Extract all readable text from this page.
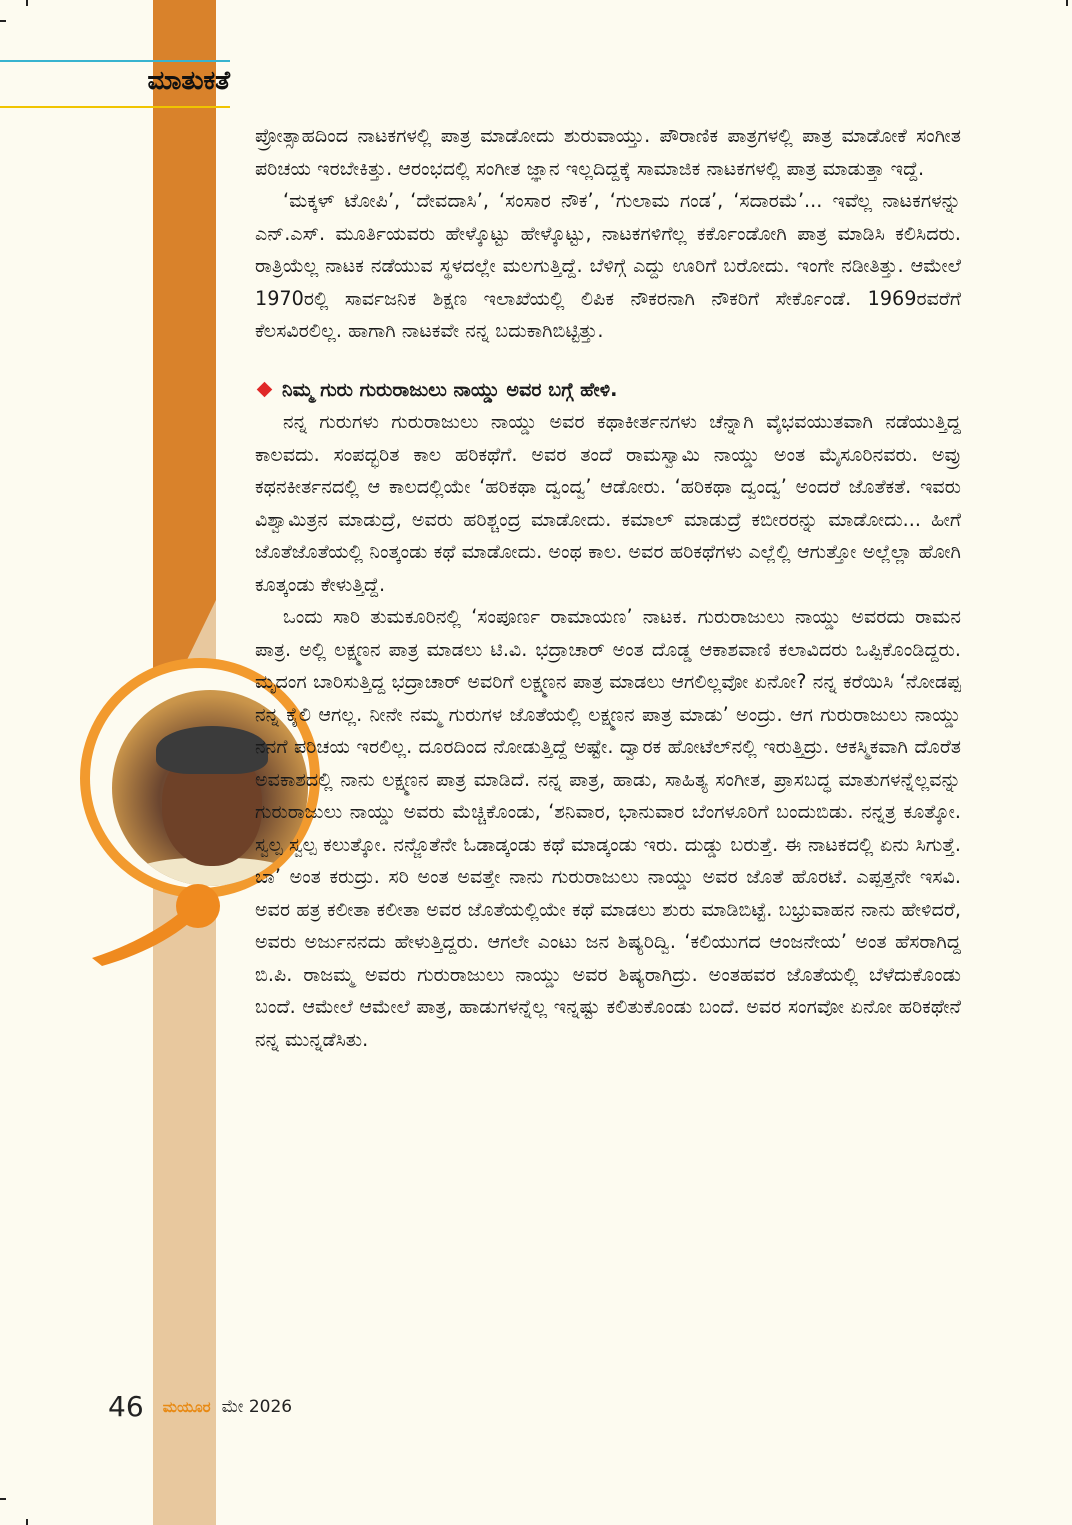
ಮಾತುಕತೆ

ಪ್ರೋತ್ಸಾಹದಿಂದ ನಾಟಕಗಳಲ್ಲಿ ಪಾತ್ರ ಮಾಡೋದು ಶುರುವಾಯ್ತು. ಪೌರಾಣಿಕ ಪಾತ್ರಗಳಲ್ಲಿ ಪಾತ್ರ ಮಾಡೋಕೆ ಸಂಗೀತ ಪರಿಚಯ ಇರಬೇಕಿತ್ತು. ಆರಂಭದಲ್ಲಿ ಸಂಗೀತ ಜ್ಞಾನ ಇಲ್ಲದಿದ್ದಕ್ಕೆ ಸಾಮಾಜಿಕ ನಾಟಕಗಳಲ್ಲಿ ಪಾತ್ರ ಮಾಡುತ್ತಾ ಇದ್ದೆ.

‘ಮಕ್ಕಳ್ ಟೋಪಿ’, ‘ದೇವದಾಸಿ’, ‘ಸಂಸಾರ ನೌಕ’, ‘ಗುಲಾಮ ಗಂಡ’, ‘ಸದಾರಮೆ’... ಇವೆಲ್ಲ ನಾಟಕಗಳನ್ನು ಎನ್.ಎಸ್. ಮೂರ್ತಿಯವರು ಹೇಳ್ಕೊಟ್ಟು ಹೇಳ್ಕೊಟ್ಟು, ನಾಟಕಗಳಿಗೆಲ್ಲ ಕರ್ಕೊಂಡೋಗಿ ಪಾತ್ರ ಮಾಡಿಸಿ ಕಲಿಸಿದರು. ರಾತ್ರಿಯೆಲ್ಲ ನಾಟಕ ನಡೆಯುವ ಸ್ಥಳದಲ್ಲೇ ಮಲಗುತ್ತಿದ್ದೆ. ಬೆಳಿಗ್ಗೆ ಎದ್ದು ಊರಿಗೆ ಬರೋದು. ಇಂಗೇ ನಡೀತಿತ್ತು. ಆಮೇಲೆ 1970ರಲ್ಲಿ ಸಾರ್ವಜನಿಕ ಶಿಕ್ಷಣ ಇಲಾಖೆಯಲ್ಲಿ ಲಿಪಿಕ ನೌಕರನಾಗಿ ನೌಕರಿಗೆ ಸೇರ್ಕೊಂಡೆ. 1969ರವರೆಗೆ ಕೆಲಸವಿರಲಿಲ್ಲ. ಹಾಗಾಗಿ ನಾಟಕವೇ ನನ್ನ ಬದುಕಾಗಿಬಿಟ್ಟಿತ್ತು.

ನಿಮ್ಮ ಗುರು ಗುರುರಾಜುಲು ನಾಯ್ಡು ಅವರ ಬಗ್ಗೆ ಹೇಳಿ.

ನನ್ನ ಗುರುಗಳು ಗುರುರಾಜುಲು ನಾಯ್ಡು ಅವರ ಕಥಾಕೀರ್ತನಗಳು ಚೆನ್ನಾಗಿ ವೈಭವಯುತವಾಗಿ ನಡೆಯುತ್ತಿದ್ದ ಕಾಲವದು. ಸಂಪದ್ಭರಿತ ಕಾಲ ಹರಿಕಥೆಗೆ. ಅವರ ತಂದೆ ರಾಮಸ್ವಾಮಿ ನಾಯ್ಡು ಅಂತ ಮೈಸೂರಿನವರು. ಅವ್ರು ಕಥನಕೀರ್ತನದಲ್ಲಿ ಆ ಕಾಲದಲ್ಲಿಯೇ ‘ಹರಿಕಥಾ ದ್ವಂದ್ವ’ ಆಡೋರು. ‘ಹರಿಕಥಾ ದ್ವಂದ್ವ’ ಅಂದರೆ ಜೊತೆಕತೆ. ಇವರು ವಿಶ್ವಾಮಿತ್ರನ ಮಾಡುದ್ರೆ, ಅವರು ಹರಿಶ್ಚಂದ್ರ ಮಾಡೋದು. ಕಮಾಲ್ ಮಾಡುದ್ರೆ ಕಬೀರರನ್ನು ಮಾಡೋದು... ಹೀಗೆ ಜೊತೆಜೊತೆಯಲ್ಲಿ ನಿಂತ್ಕಂಡು ಕಥೆ ಮಾಡೋದು. ಅಂಥ ಕಾಲ. ಅವರ ಹರಿಕಥೆಗಳು ಎಲ್ಲೆಲ್ಲಿ ಆಗುತ್ತೋ ಅಲ್ಲೆಲ್ಲಾ ಹೋಗಿ ಕೂತ್ಕಂಡು ಕೇಳುತ್ತಿದ್ದೆ.

ಒಂದು ಸಾರಿ ತುಮಕೂರಿನಲ್ಲಿ ‘ಸಂಪೂರ್ಣ ರಾಮಾಯಣ’ ನಾಟಕ. ಗುರುರಾಜುಲು ನಾಯ್ಡು ಅವರದು ರಾಮನ ಪಾತ್ರ. ಅಲ್ಲಿ ಲಕ್ಷ್ಮಣನ ಪಾತ್ರ ಮಾಡಲು ಟಿ.ವಿ. ಭದ್ರಾಚಾರ್ ಅಂತ ದೊಡ್ಡ ಆಕಾಶವಾಣಿ ಕಲಾವಿದರು ಒಪ್ಪಿಕೊಂಡಿದ್ದರು. ಮೃದಂಗ ಬಾರಿಸುತ್ತಿದ್ದ ಭದ್ರಾಚಾರ್ ಅವರಿಗೆ ಲಕ್ಷ್ಮಣನ ಪಾತ್ರ ಮಾಡಲು ಆಗಲಿಲ್ಲವೋ ಏನೋ? ನನ್ನ ಕರೆಯಿಸಿ ‘ನೋಡಪ್ಪ ನನ್ನ ಕೈಲಿ ಆಗಲ್ಲ. ನೀನೇ ನಮ್ಮ ಗುರುಗಳ ಜೊತೆಯಲ್ಲಿ ಲಕ್ಷ್ಮಣನ ಪಾತ್ರ ಮಾಡು’ ಅಂದ್ರು. ಆಗ ಗುರುರಾಜುಲು ನಾಯ್ಡು ನನಗೆ ಪರಿಚಯ ಇರಲಿಲ್ಲ. ದೂರದಿಂದ ನೋಡುತ್ತಿದ್ದೆ ಅಷ್ಟೇ. ದ್ವಾರಕ ಹೋಟೆಲ್‌ನಲ್ಲಿ ಇರುತ್ತಿದ್ರು. ಆಕಸ್ಮಿಕವಾಗಿ ದೊರೆತ ಅವಕಾಶದಲ್ಲಿ ನಾನು ಲಕ್ಷ್ಮಣನ ಪಾತ್ರ ಮಾಡಿದೆ. ನನ್ನ ಪಾತ್ರ, ಹಾಡು, ಸಾಹಿತ್ಯ ಸಂಗೀತ, ಪ್ರಾಸಬದ್ಧ ಮಾತುಗಳನ್ನೆಲ್ಲವನ್ನು ಗುರುರಾಜುಲು ನಾಯ್ಡು ಅವರು ಮೆಚ್ಚಿಕೊಂಡು, ‘ಶನಿವಾರ, ಭಾನುವಾರ ಬೆಂಗಳೂರಿಗೆ ಬಂದುಬಿಡು. ನನ್ನತ್ರ ಕೂತ್ಕೋ. ಸ್ವಲ್ಪ ಸ್ವಲ್ಪ ಕಲುತ್ಕೋ. ನನ್ಜೊತೆನೇ ಓಡಾಡ್ಕಂಡು ಕಥೆ ಮಾಡ್ಕಂಡು ಇರು. ದುಡ್ಡು ಬರುತ್ತೆ. ಈ ನಾಟಕದಲ್ಲಿ ಏನು ಸಿಗುತ್ತೆ. ಬಾ’ ಅಂತ ಕರುದ್ರು. ಸರಿ ಅಂತ ಅವತ್ತೇ ನಾನು ಗುರುರಾಜುಲು ನಾಯ್ಡು ಅವರ ಜೊತೆ ಹೊರಟೆ. ಎಪ್ಪತ್ತನೇ ಇಸವಿ. ಅವರ ಹತ್ರ ಕಲೀತಾ ಕಲೀತಾ ಅವರ ಜೊತೆಯಲ್ಲಿಯೇ ಕಥೆ ಮಾಡಲು ಶುರು ಮಾಡಿಬಿಟ್ಟೆ. ಬಭ್ರುವಾಹನ ನಾನು ಹೇಳಿದರೆ, ಅವರು ಅರ್ಜುನನದು ಹೇಳುತ್ತಿದ್ದರು. ಆಗಲೇ ಎಂಟು ಜನ ಶಿಷ್ಯರಿದ್ವಿ. ‘ಕಲಿಯುಗದ ಆಂಜನೇಯ’ ಅಂತ ಹೆಸರಾಗಿದ್ದ ಬಿ.ಪಿ. ರಾಜಮ್ಮ ಅವರು ಗುರುರಾಜುಲು ನಾಯ್ಡು ಅವರ ಶಿಷ್ಯರಾಗಿದ್ರು. ಅಂತಹವರ ಜೊತೆಯಲ್ಲಿ ಬೆಳೆದುಕೊಂಡು ಬಂದೆ. ಆಮೇಲೆ ಆಮೇಲೆ ಪಾತ್ರ, ಹಾಡುಗಳನ್ನೆಲ್ಲ ಇನ್ನಷ್ಟು ಕಲಿತುಕೊಂಡು ಬಂದೆ. ಅವರ ಸಂಗವೋ ಏನೋ ಹರಿಕಥೇನೆ ನನ್ನ ಮುನ್ನಡೆಸಿತು.

46 ಮಯೂರ ಮೇ 2026
